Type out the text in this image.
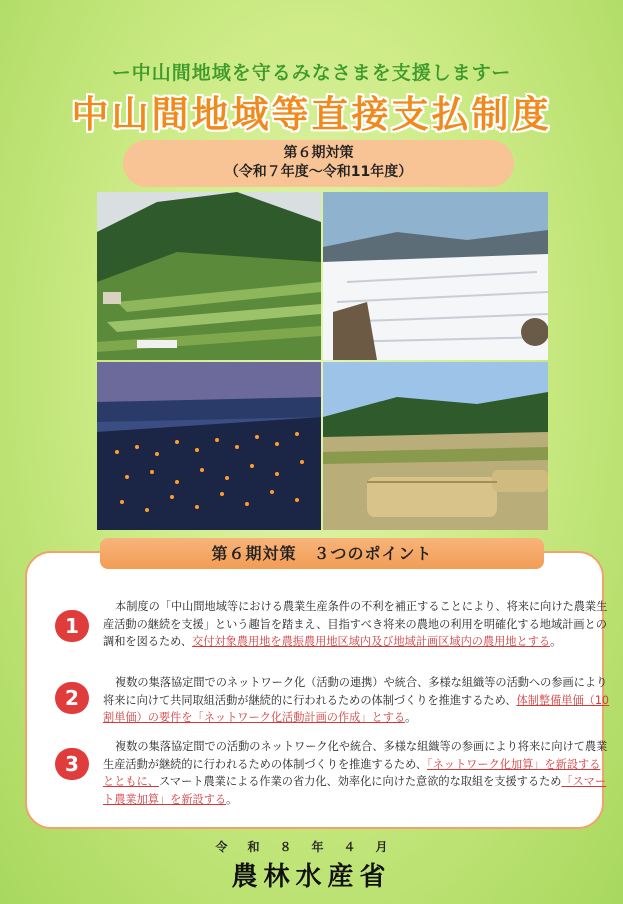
ー中山間地域を守るみなさまを支援しますー
中山間地域等直接支払制度
第６期対策
（令和７年度～令和11年度）
1
本制度の「中山間地域等における農業生産条件の不利を補正することにより、将来に向けた農業生産活動の継続を支援」という趣旨を踏まえ、目指すべき将来の農地の利用を明確化する地域計画との調和を図るため、交付対象農用地を農振農用地区域内及び地域計画区域内の農用地とする。
2
複数の集落協定間でのネットワーク化（活動の連携）や統合、多様な組織等の活動への参画により将来に向けて共同取組活動が継続的に行われるための体制づくりを推進するため、体制整備単価（10割単価）の要件を「ネットワーク化活動計画の作成」とする。
3
複数の集落協定間での活動のネットワーク化や統合、多様な組織等の参画により将来に向けて農業生産活動が継続的に行われるための体制づくりを推進するため、「ネットワーク化加算」を新設するとともに、スマート農業による作業の省力化、効率化に向けた意欲的な取組を支援するため「スマート農業加算」を新設する。
第６期対策　３つのポイント
令和８年４月
農林水産省
